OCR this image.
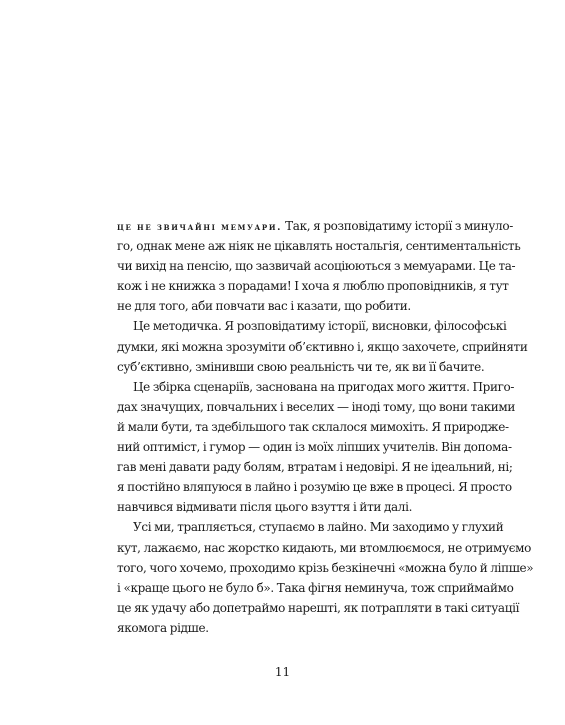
це не звичайні мемуари. Так, я розповідатиму історії з минуло-
го, однак мене аж ніяк не цікавлять ностальгія, сентиментальність
чи вихід на пенсію, що зазвичай асоціюються з мемуарами. Це та-
кож і не книжка з порадами! І хоча я люблю проповідників, я тут
не для того, аби повчати вас і казати, що робити.
Це методичка. Я розповідатиму історії, висновки, філософські
думки, які можна зрозуміти об’єктивно і, якщо захочете, сприйняти
суб’єктивно, змінивши свою реальність чи те, як ви її бачите.
Це збірка сценаріїв, заснована на пригодах мого життя. Приго-
дах значущих, повчальних і веселих — іноді тому, що вони такими
й мали бути, та здебільшого так склалося мимохіть. Я природже-
ний оптиміст, і гумор — один із моїх ліпших учителів. Він допома-
гав мені давати раду болям, втратам і недовірі. Я не ідеальний, ні;
я постійно вляпуюся в лайно і розумію це вже в процесі. Я просто
навчився відмивати після цього взуття і йти далі.
Усі ми, трапляється, ступаємо в лайно. Ми заходимо у глухий
кут, лажаємо, нас жорстко кидають, ми втомлюємося, не отримуємо
того, чого хочемо, проходимо крізь безкінечні «можна було й ліпше»
і «краще цього не було б». Така фігня неминуча, тож сприймаймо
це як удачу або допетраймо нарешті, як потрапляти в такі ситуації
якомога рідше.
11
